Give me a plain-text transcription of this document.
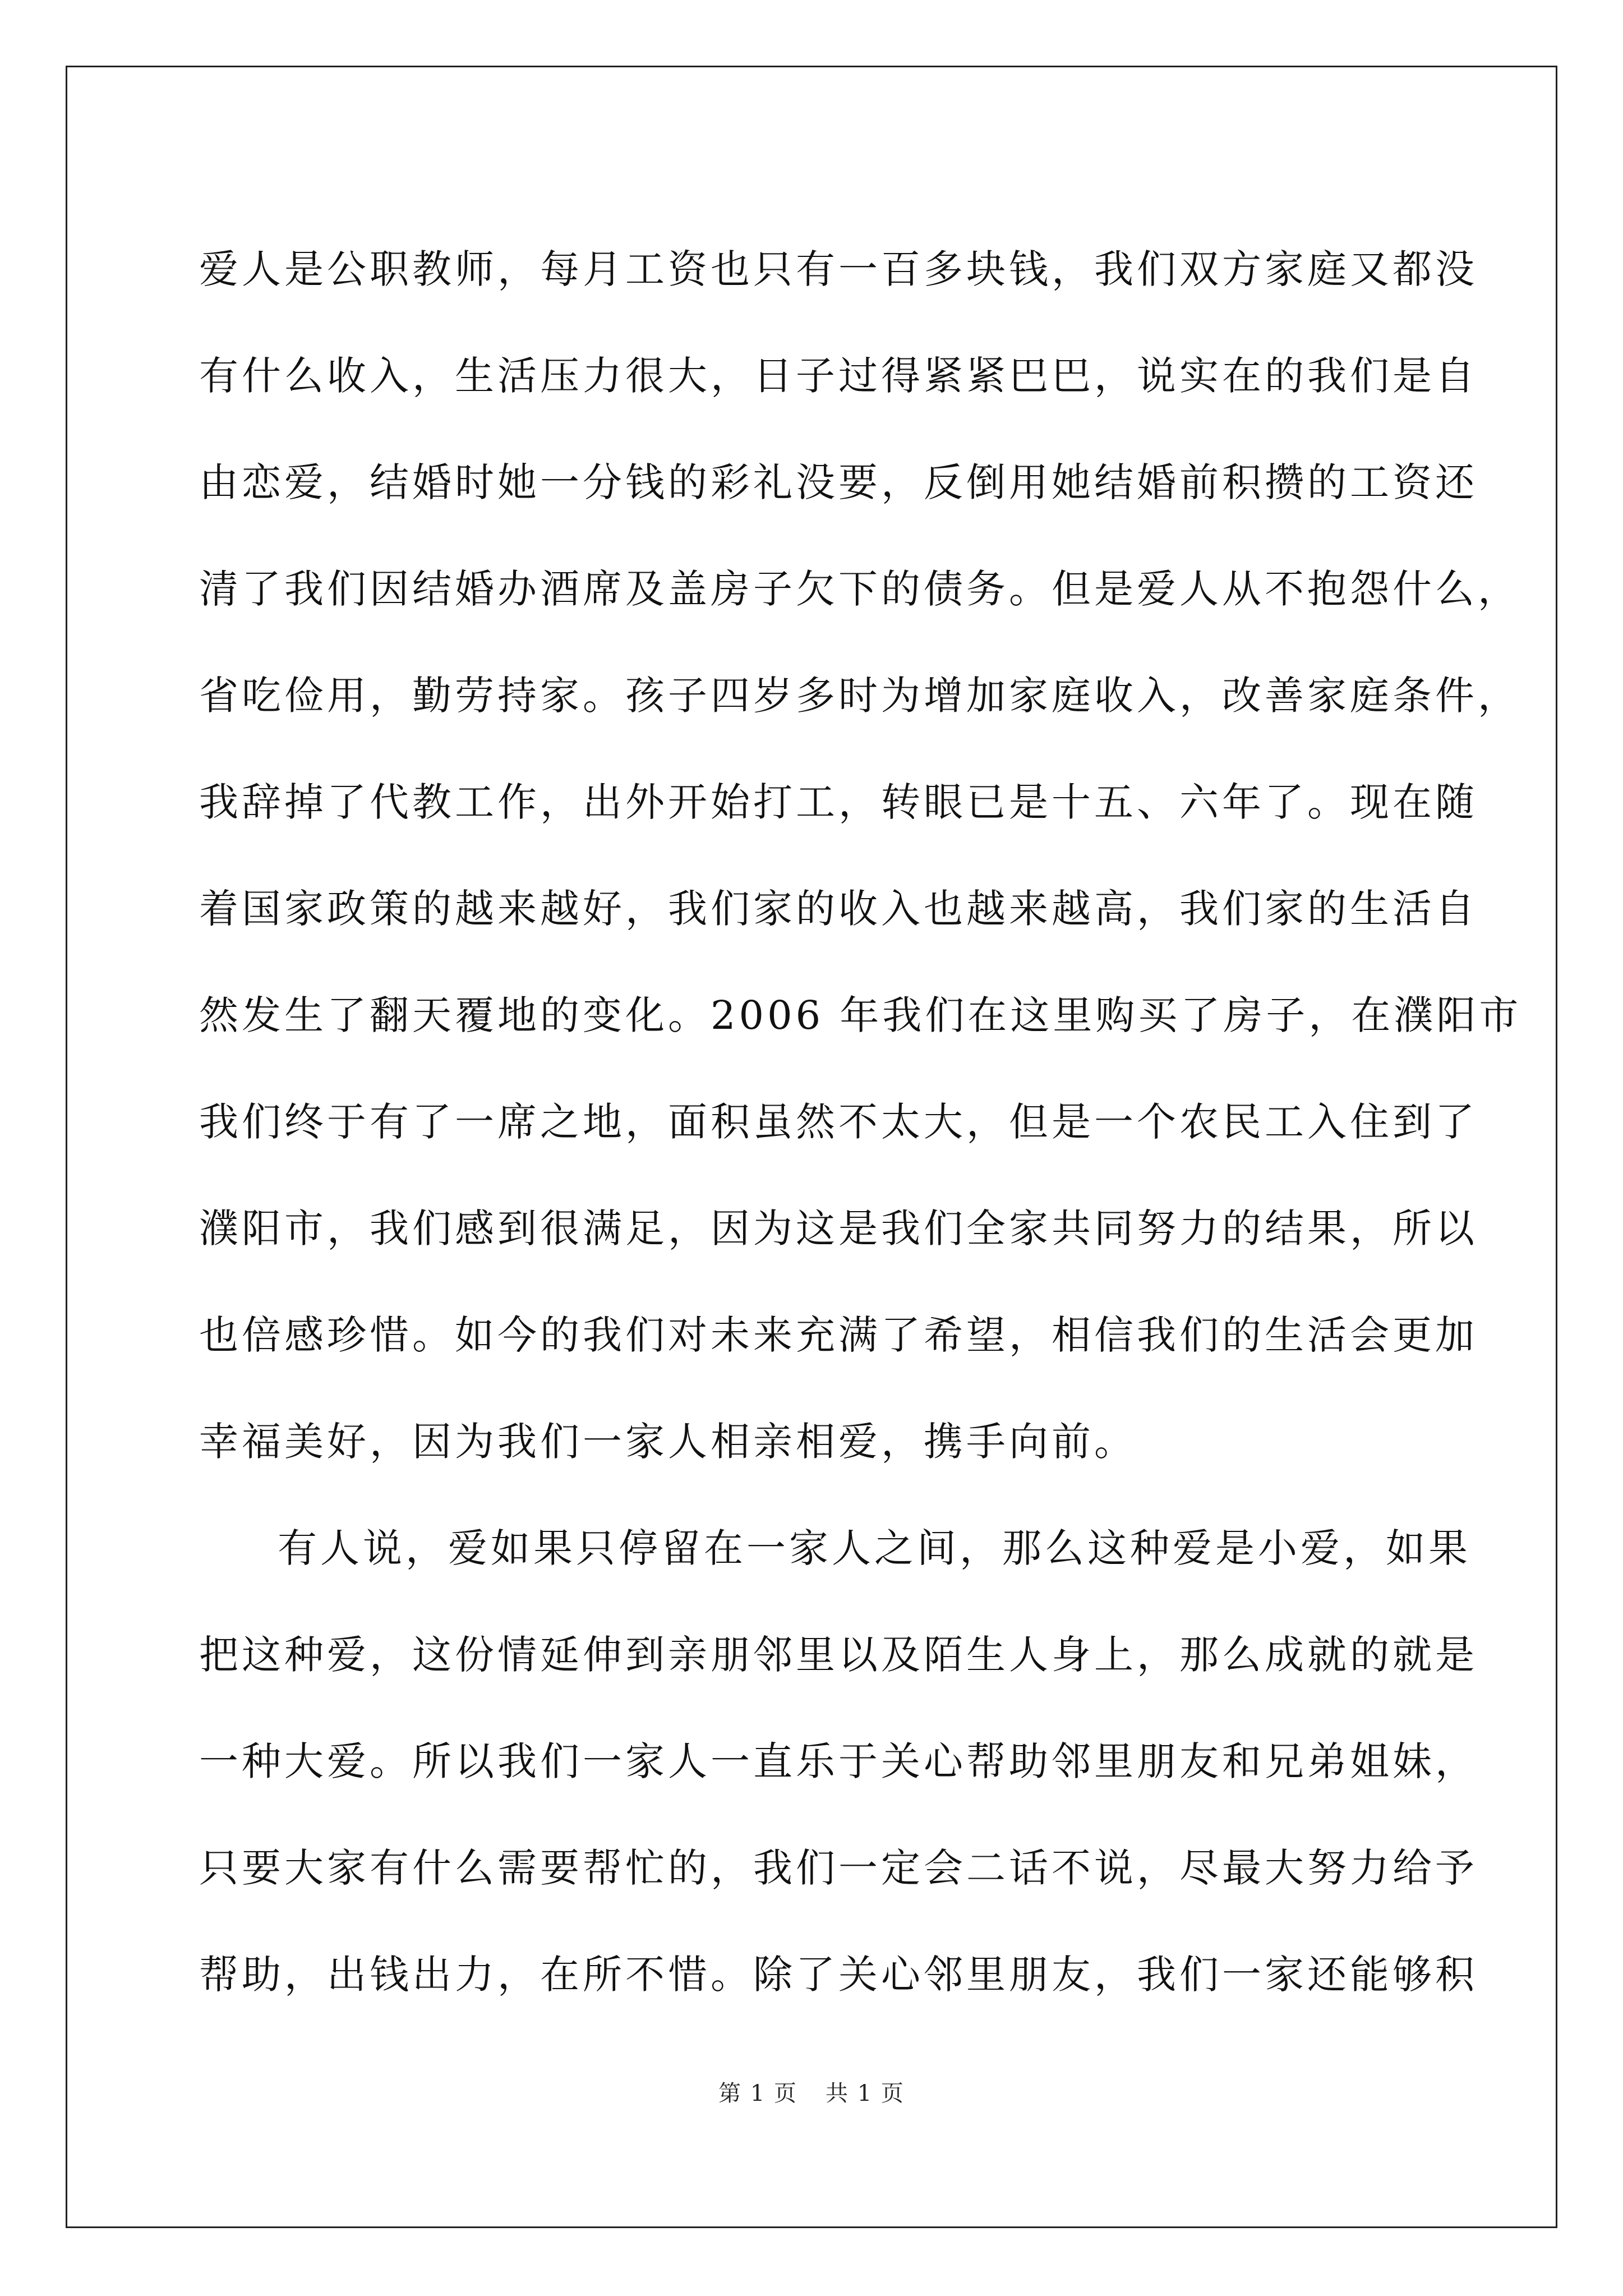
爱人是公职教师，每月工资也只有一百多块钱，我们双方家庭又都没
有什么收入，生活压力很大，日子过得紧紧巴巴，说实在的我们是自
由恋爱，结婚时她一分钱的彩礼没要，反倒用她结婚前积攒的工资还
清了我们因结婚办酒席及盖房子欠下的债务。但是爱人从不抱怨什么，
省吃俭用，勤劳持家。孩子四岁多时为增加家庭收入，改善家庭条件，
我辞掉了代教工作，出外开始打工，转眼已是十五、六年了。现在随
着国家政策的越来越好，我们家的收入也越来越高，我们家的生活自
然发生了翻天覆地的变化。2006 年我们在这里购买了房子，在濮阳市
我们终于有了一席之地，面积虽然不太大，但是一个农民工入住到了
濮阳市，我们感到很满足，因为这是我们全家共同努力的结果，所以
也倍感珍惜。如今的我们对未来充满了希望，相信我们的生活会更加
幸福美好，因为我们一家人相亲相爱，携手向前。
有人说，爱如果只停留在一家人之间，那么这种爱是小爱，如果
把这种爱，这份情延伸到亲朋邻里以及陌生人身上，那么成就的就是
一种大爱。所以我们一家人一直乐于关心帮助邻里朋友和兄弟姐妹，
只要大家有什么需要帮忙的，我们一定会二话不说，尽最大努力给予
帮助，出钱出力，在所不惜。除了关心邻里朋友，我们一家还能够积
第 1 页 共 1 页
